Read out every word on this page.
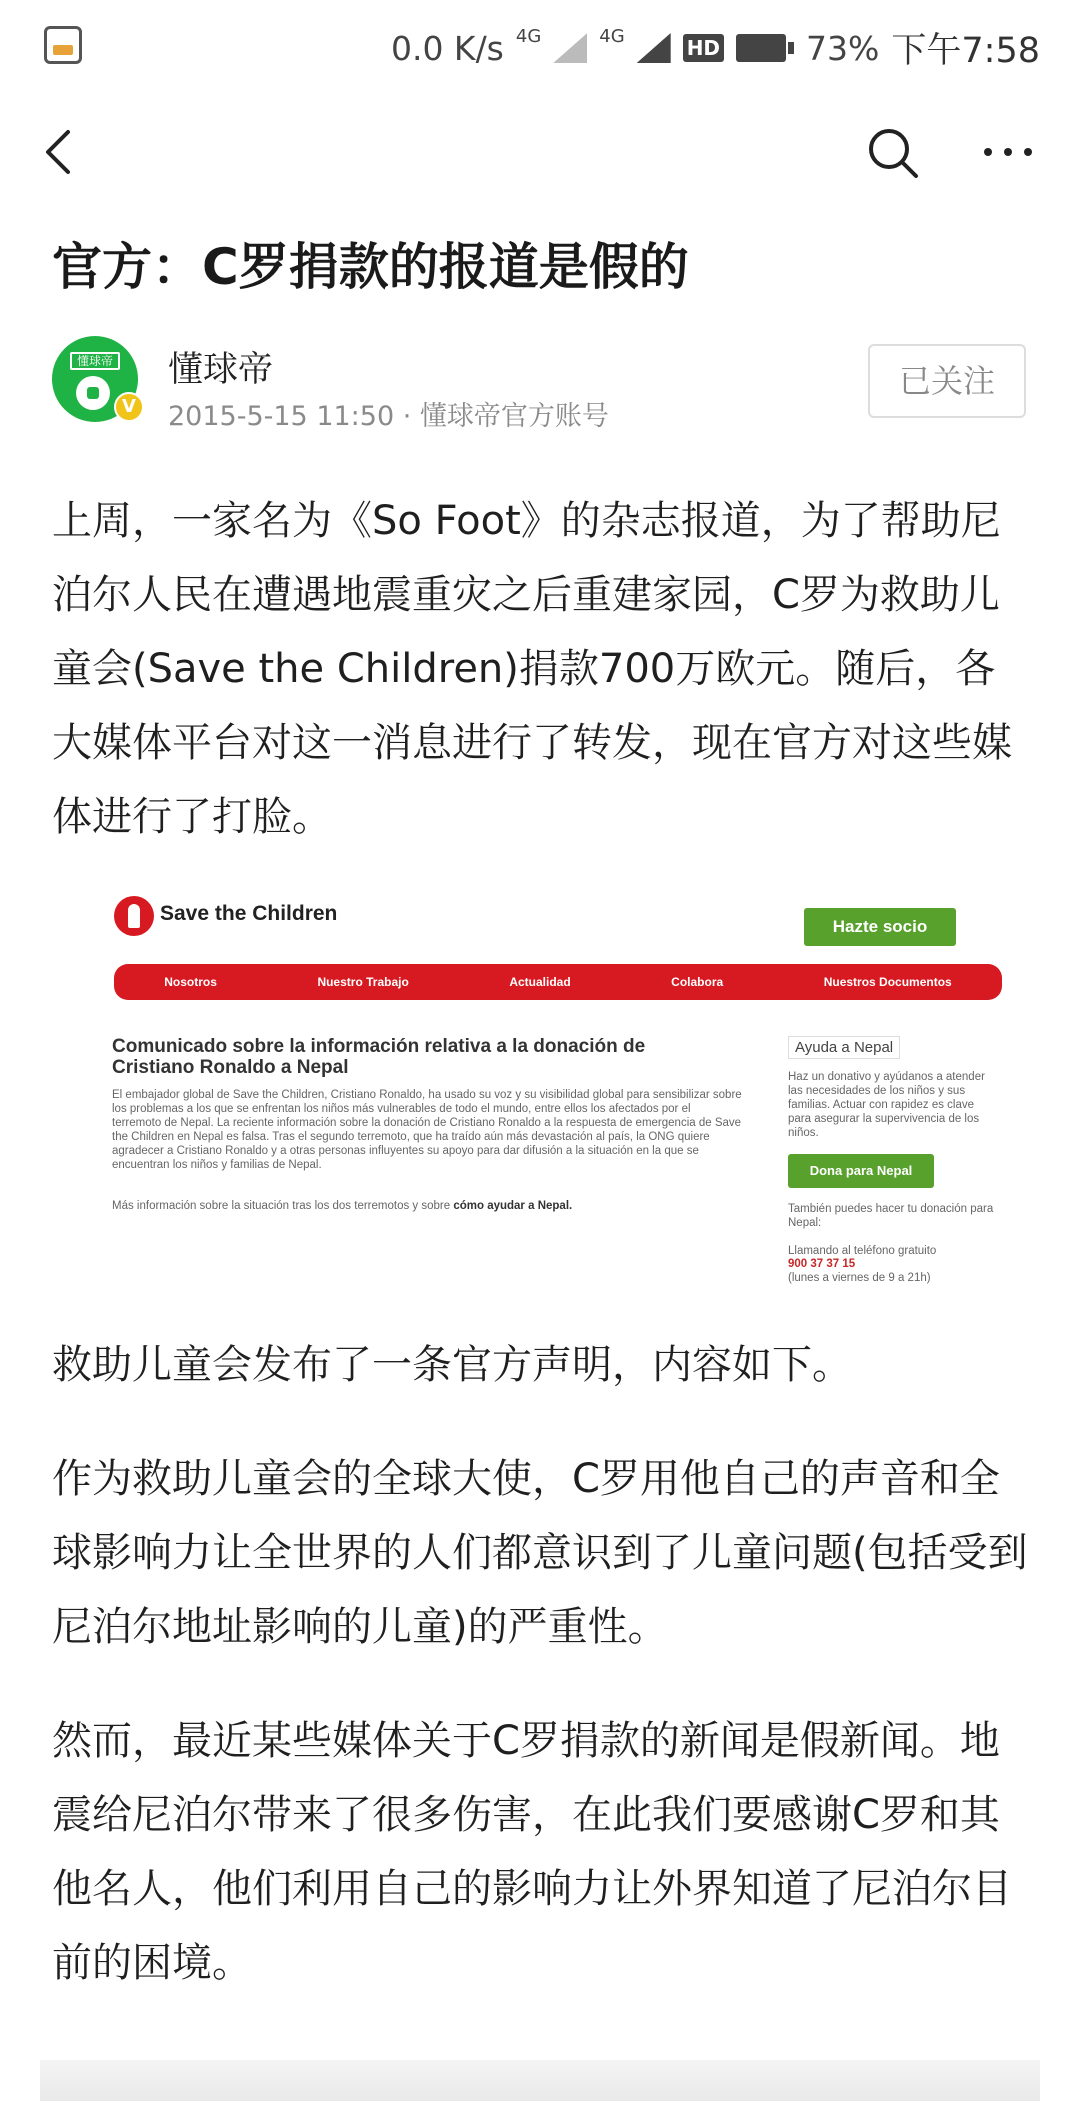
0.0 K/s 4G	4G	HD	73% 下午7:58
官方：C罗捐款的报道是假的
懂球帝
V
懂球帝
2015-5-15 11:50 · 懂球帝官方账号
已关注

上周，一家名为《So Foot》的杂志报道，为了帮助尼泊尔人民在遭遇地震重灾之后重建家园，C罗为救助儿童会(Save the Children)捐款700万欧元。随后，各大媒体平台对这一消息进行了转发，现在官方对这些媒体进行了打脸。

Save the Children
Hazte socio
Nosotros	Nuestro Trabajo	Actualidad	Colabora	Nuestros Documentos
Comunicado sobre la información relativa a la donación de Cristiano Ronaldo a Nepal
El embajador global de Save the Children, Cristiano Ronaldo, ha usado su voz y su visibilidad global para sensibilizar sobre los problemas a los que se enfrentan los niños más vulnerables de todo el mundo, entre ellos los afectados por el terremoto de Nepal. La reciente información sobre la donación de Cristiano Ronaldo a la respuesta de emergencia de Save the Children en Nepal es falsa. Tras el segundo terremoto, que ha traído aún más devastación al país, la ONG quiere agradecer a Cristiano Ronaldo y a otras personas influyentes su apoyo para dar difusión a la situación en la que se encuentran los niños y familias de Nepal.
Más información sobre la situación tras los dos terremotos y sobre cómo ayudar a Nepal.
Ayuda a Nepal
Haz un donativo y ayúdanos a atender las necesidades de los niños y sus familias. Actuar con rapidez es clave para asegurar la supervivencia de los niños.
Dona para Nepal
También puedes hacer tu donación para Nepal:
Llamando al teléfono gratuito
900 37 37 15
(lunes a viernes de 9 a 21h)

救助儿童会发布了一条官方声明，内容如下。

作为救助儿童会的全球大使，C罗用他自己的声音和全球影响力让全世界的人们都意识到了儿童问题(包括受到尼泊尔地址影响的儿童)的严重性。

然而，最近某些媒体关于C罗捐款的新闻是假新闻。地震给尼泊尔带来了很多伤害，在此我们要感谢C罗和其他名人，他们利用自己的影响力让外界知道了尼泊尔目前的困境。
